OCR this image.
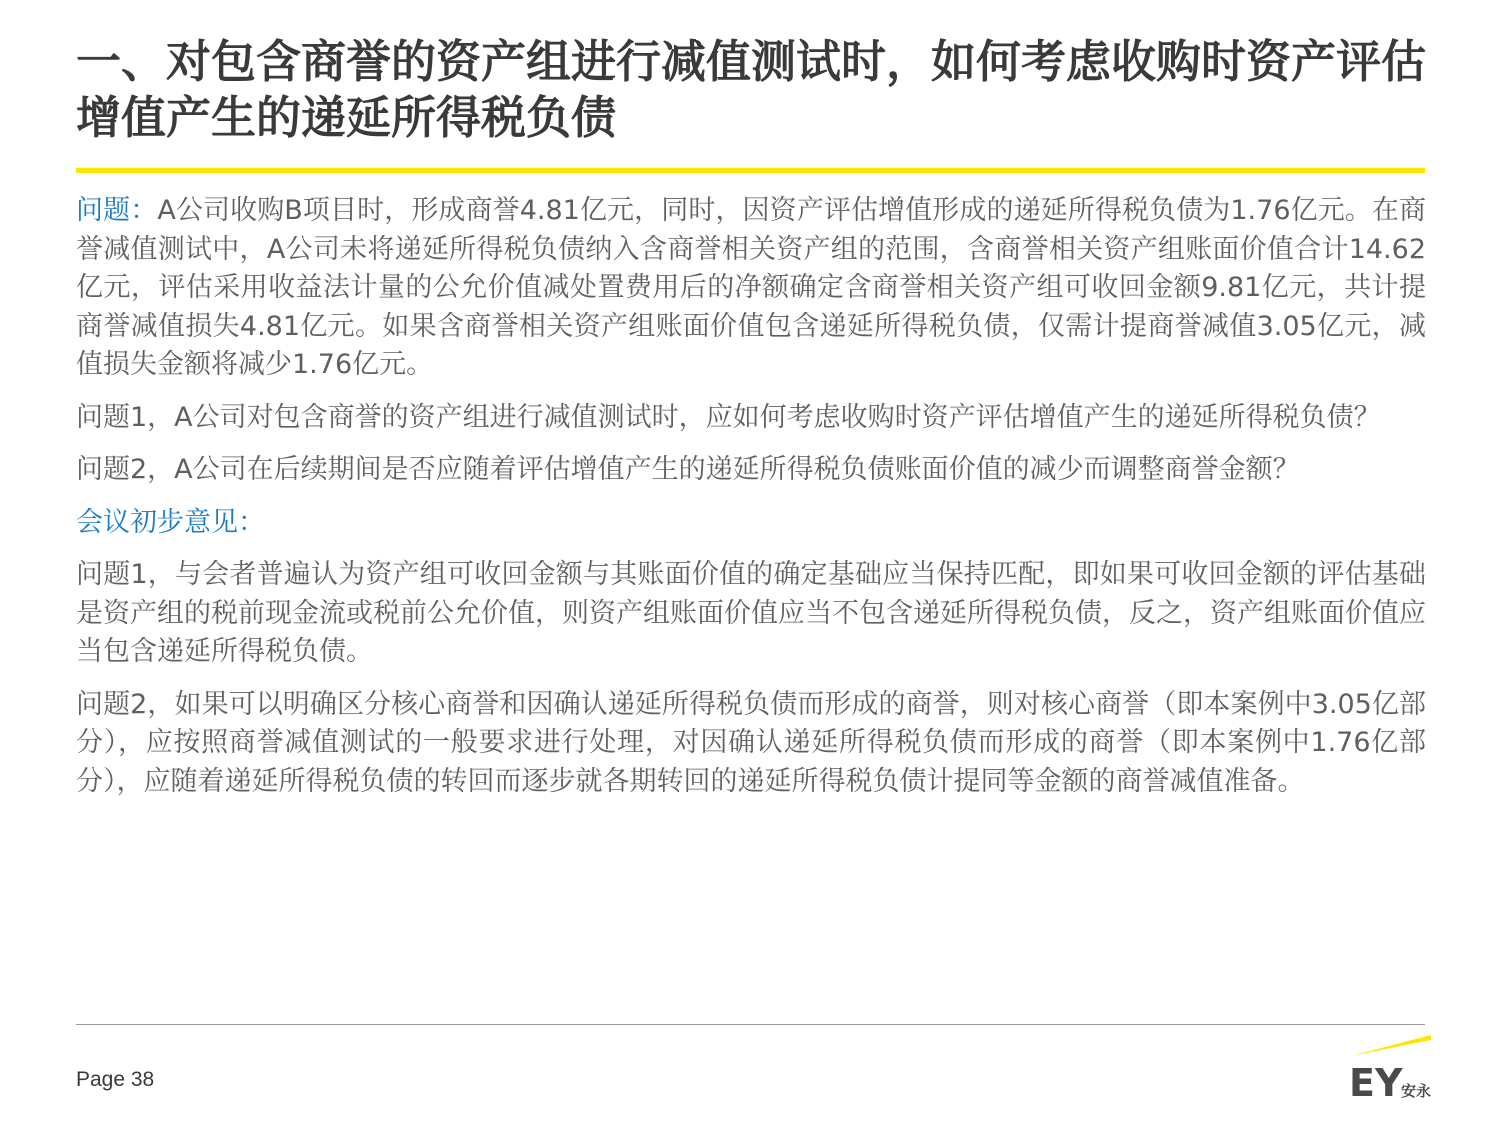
一、对包含商誉的资产组进行减值测试时，如何考虑收购时资产评估增值产生的递延所得税负债

问题：A公司收购B项目时，形成商誉4.81亿元，同时，因资产评估增值形成的递延所得税负债为1.76亿元。在商誉减值测试中，A公司未将递延所得税负债纳入含商誉相关资产组的范围，含商誉相关资产组账面价值合计14.62亿元，评估采用收益法计量的公允价值减处置费用后的净额确定含商誉相关资产组可收回金额9.81亿元，共计提商誉减值损失4.81亿元。如果含商誉相关资产组账面价值包含递延所得税负债，仅需计提商誉减值3.05亿元，减值损失金额将减少1.76亿元。

问题1，A公司对包含商誉的资产组进行减值测试时，应如何考虑收购时资产评估增值产生的递延所得税负债？

问题2，A公司在后续期间是否应随着评估增值产生的递延所得税负债账面价值的减少而调整商誉金额？

会议初步意见：

问题1，与会者普遍认为资产组可收回金额与其账面价值的确定基础应当保持匹配，即如果可收回金额的评估基础是资产组的税前现金流或税前公允价值，则资产组账面价值应当不包含递延所得税负债，反之，资产组账面价值应当包含递延所得税负债。

问题2，如果可以明确区分核心商誉和因确认递延所得税负债而形成的商誉，则对核心商誉（即本案例中3.05亿部分），应按照商誉减值测试的一般要求进行处理，对因确认递延所得税负债而形成的商誉（即本案例中1.76亿部分），应随着递延所得税负债的转回而逐步就各期转回的递延所得税负债计提同等金额的商誉减值准备。

Page 38	EY
安永
